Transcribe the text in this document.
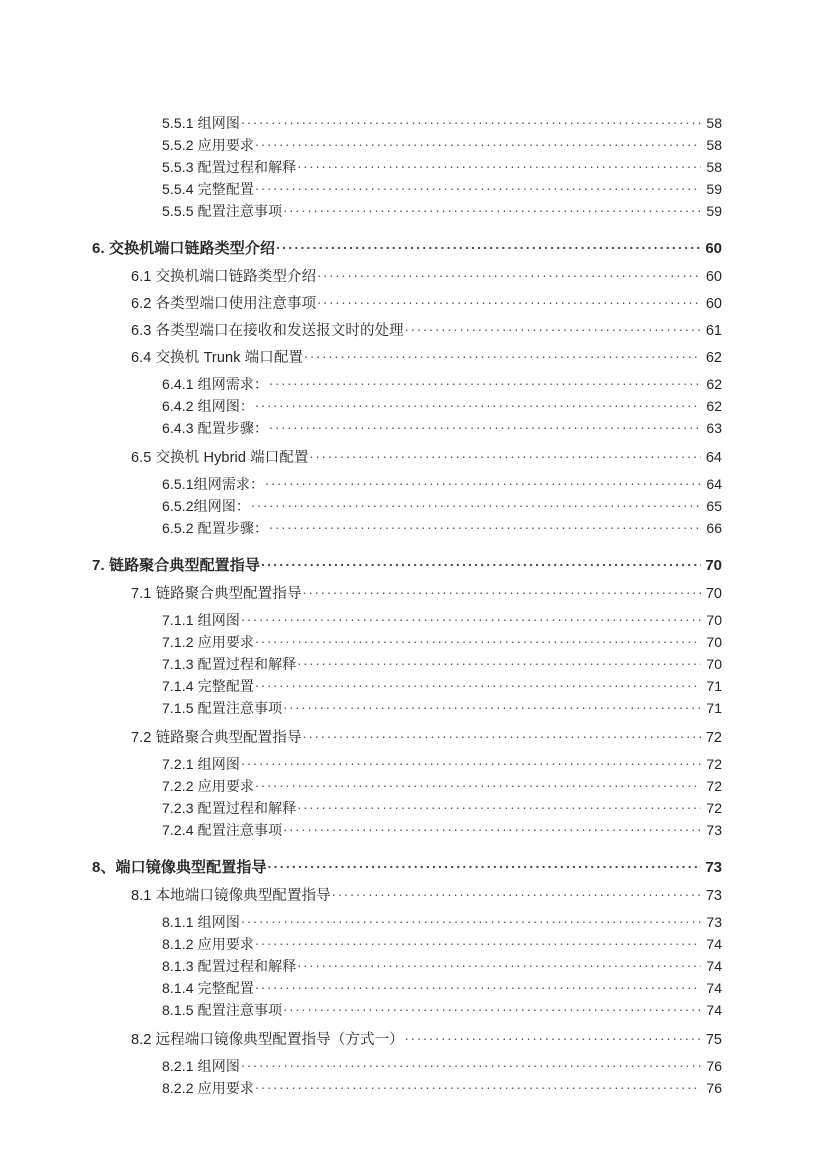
5.5.1 组网图 .....	58
5.5.2 应用要求 .....	58
5.5.3 配置过程和解释 .....	58
5.5.4 完整配置 .....	59
5.5.5 配置注意事项 .....	59
6. 交换机端口链路类型介绍 .....	60
6.1 交换机端口链路类型介绍 .....	60
6.2 各类型端口使用注意事项 .....	60
6.3 各类型端口在接收和发送报文时的处理 .....	61
6.4 交换机 Trunk 端口配置 .....	62
6.4.1 组网需求： .....	62
6.4.2 组网图： .....	62
6.4.3 配置步骤： .....	63
6.5 交换机 Hybrid 端口配置 .....	64
6.5.1组网需求： .....	64
6.5.2组网图： .....	65
6.5.2 配置步骤： .....	66
7. 链路聚合典型配置指导 .....	70
7.1 链路聚合典型配置指导 .....	70
7.1.1 组网图 .....	70
7.1.2 应用要求 .....	70
7.1.3 配置过程和解释 .....	70
7.1.4 完整配置 .....	71
7.1.5 配置注意事项 .....	71
7.2 链路聚合典型配置指导 .....	72
7.2.1 组网图 .....	72
7.2.2 应用要求 .....	72
7.2.3 配置过程和解释 .....	72
7.2.4 配置注意事项 .....	73
8、端口镜像典型配置指导 .....	73
8.1 本地端口镜像典型配置指导 .....	73
8.1.1 组网图 .....	73
8.1.2 应用要求 .....	74
8.1.3 配置过程和解释 .....	74
8.1.4 完整配置 .....	74
8.1.5 配置注意事项 .....	74
8.2 远程端口镜像典型配置指导（方式一） .....	75
8.2.1 组网图 .....	76
8.2.2 应用要求 .....	76
